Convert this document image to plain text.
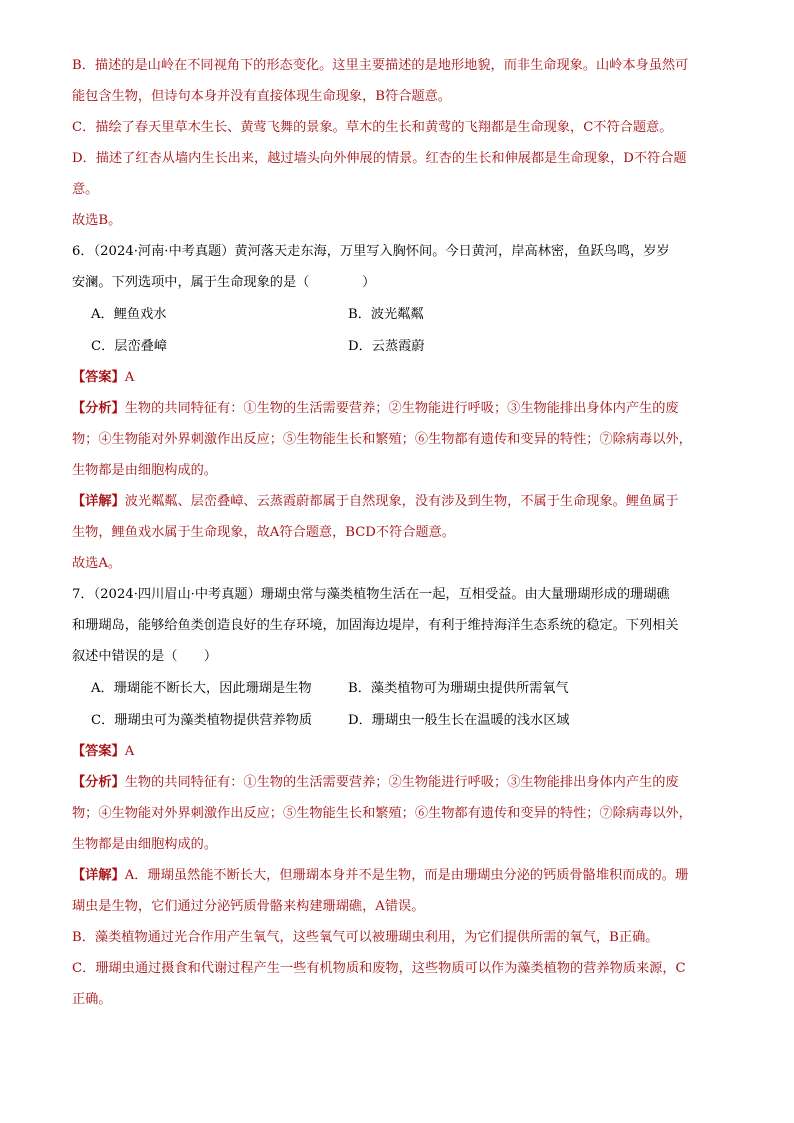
B．描述的是山岭在不同视角下的形态变化。这里主要描述的是地形地貌，而非生命现象。山岭本身虽然可
能包含生物，但诗句本身并没有直接体现生命现象，B符合题意。
C．描绘了春天里草木生长、黄莺飞舞的景象。草木的生长和黄莺的飞翔都是生命现象，C不符合题意。
D．描述了红杏从墙内生长出来，越过墙头向外伸展的情景。红杏的生长和伸展都是生命现象，D不符合题
意。
故选B。
6．（2024·河南·中考真题）黄河落天走东海，万里写入胸怀间。今日黄河，岸高林密，鱼跃鸟鸣，岁岁
安澜。下列选项中，属于生命现象的是（　　　　）
A．鲤鱼戏水	B．波光粼粼
C．层峦叠嶂	D．云蒸霞蔚
【答案】A
【分析】生物的共同特征有：①生物的生活需要营养；②生物能进行呼吸；③生物能排出身体内产生的废
物；④生物能对外界刺激作出反应；⑤生物能生长和繁殖；⑥生物都有遗传和变异的特性；⑦除病毒以外，
生物都是由细胞构成的。
【详解】波光粼粼、层峦叠嶂、云蒸霞蔚都属于自然现象，没有涉及到生物，不属于生命现象。鲤鱼属于
生物，鲤鱼戏水属于生命现象，故A符合题意，BCD不符合题意。
故选A。
7．（2024·四川眉山·中考真题）珊瑚虫常与藻类植物生活在一起，互相受益。由大量珊瑚形成的珊瑚礁
和珊瑚岛，能够给鱼类创造良好的生存环境，加固海边堤岸，有利于维持海洋生态系统的稳定。下列相关
叙述中错误的是（　　）
A．珊瑚能不断长大，因此珊瑚是生物	B．藻类植物可为珊瑚虫提供所需氧气
C．珊瑚虫可为藻类植物提供营养物质	D．珊瑚虫一般生长在温暖的浅水区域
【答案】A
【分析】生物的共同特征有：①生物的生活需要营养；②生物能进行呼吸；③生物能排出身体内产生的废
物；④生物能对外界刺激作出反应；⑤生物能生长和繁殖；⑥生物都有遗传和变异的特性；⑦除病毒以外，
生物都是由细胞构成的。
【详解】A．珊瑚虽然能不断长大，但珊瑚本身并不是生物，而是由珊瑚虫分泌的钙质骨骼堆积而成的。珊
瑚虫是生物，它们通过分泌钙质骨骼来构建珊瑚礁，A错误。
B．藻类植物通过光合作用产生氧气，这些氧气可以被珊瑚虫利用，为它们提供所需的氧气，B正确。
C．珊瑚虫通过摄食和代谢过程产生一些有机物质和废物，这些物质可以作为藻类植物的营养物质来源，C
正确。
